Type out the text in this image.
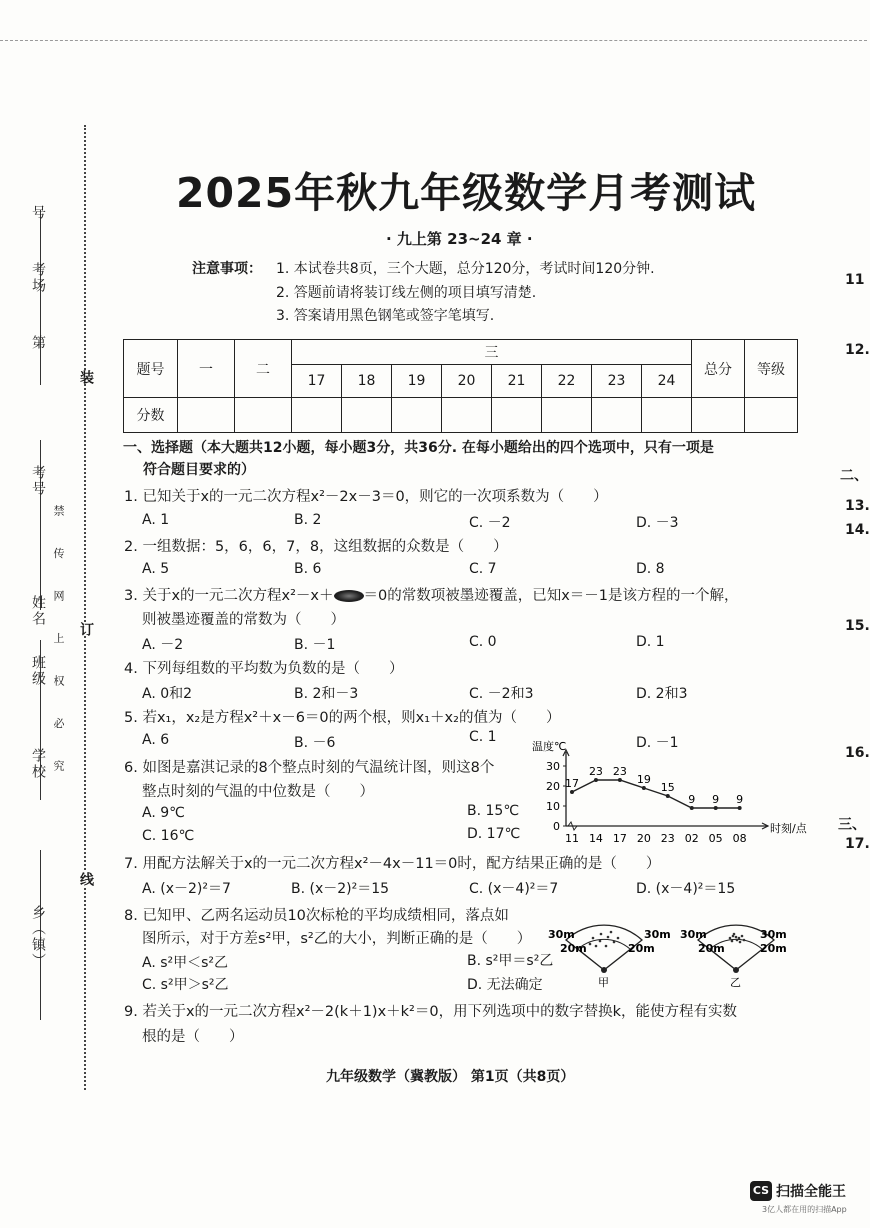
号
考场
第
考号
姓名
班级
学校
乡（镇）
禁 传 网 上 权 必 究
装
订
线
2025年秋九年级数学月考测试
· 九上第 23~24 章 ·
注意事项： 1. 本试卷共8页，三个大题，总分120分，考试时间120分钟.
2. 答题前请将装订线左侧的项目填写清楚.
3. 答案请用黑色钢笔或签字笔填写.
题号	一	二	三								总分	等级
			17	18	19	20	21	22	23	24		
分数												
一、选择题（本大题共12小题，每小题3分，共36分. 在每小题给出的四个选项中，只有一项是
符合题目要求的）
1. 已知关于x的一元二次方程x²－2x－3＝0，则它的一次项系数为（　　）
A. 1	B. 2	C. －2	D. －3
2. 一组数据：5，6，6，7，8，这组数据的众数是（　　）
A. 5	B. 6	C. 7	D. 8
3. 关于x的一元二次方程x²－x＋ ＝0的常数项被墨迹覆盖，已知x＝－1是该方程的一个解，
则被墨迹覆盖的常数为（　　）
A. －2	B. －1	C. 0	D. 1
4. 下列每组数的平均数为负数的是（　　）
A. 0和2	B. 2和－3	C. －2和3	D. 2和3
5. 若x₁，x₂是方程x²＋x－6＝0的两个根，则x₁＋x₂的值为（　　）
A. 6	B. －6	C. 1	D. －1
6. 如图是嘉淇记录的8个整点时刻的气温统计图，则这8个
整点时刻的气温的中位数是（　　）
A. 9℃	B. 15℃
C. 16℃	D. 17℃
温度℃
时刻/点
0
10
20
30
11 14 17 20 23 02 05 08
17
23 23
19
15
9 9 9
7. 用配方法解关于x的一元二次方程x²－4x－11＝0时，配方结果正确的是（　　）
A. (x－2)²＝7	B. (x－2)²＝15	C. (x－4)²＝7	D. (x－4)²＝15
8. 已知甲、乙两名运动员10次标枪的平均成绩相同，落点如
图所示，对于方差s²甲，s²乙的大小，判断正确的是（　　）
A. s²甲＜s²乙	B. s²甲＝s²乙
C. s²甲＞s²乙	D. 无法确定
30m	30m
20m	20m
甲
30m	30m
20m	20m
乙
9. 若关于x的一元二次方程x²－2(k＋1)x＋k²＝0，用下列选项中的数字替换k，能使方程有实数
根的是（　　）
九年级数学（冀教版） 第1页（共8页）
CS 扫描全能王
3亿人都在用的扫描App
11
12.
二、
13.
14.
15.
16.
三、
17.
